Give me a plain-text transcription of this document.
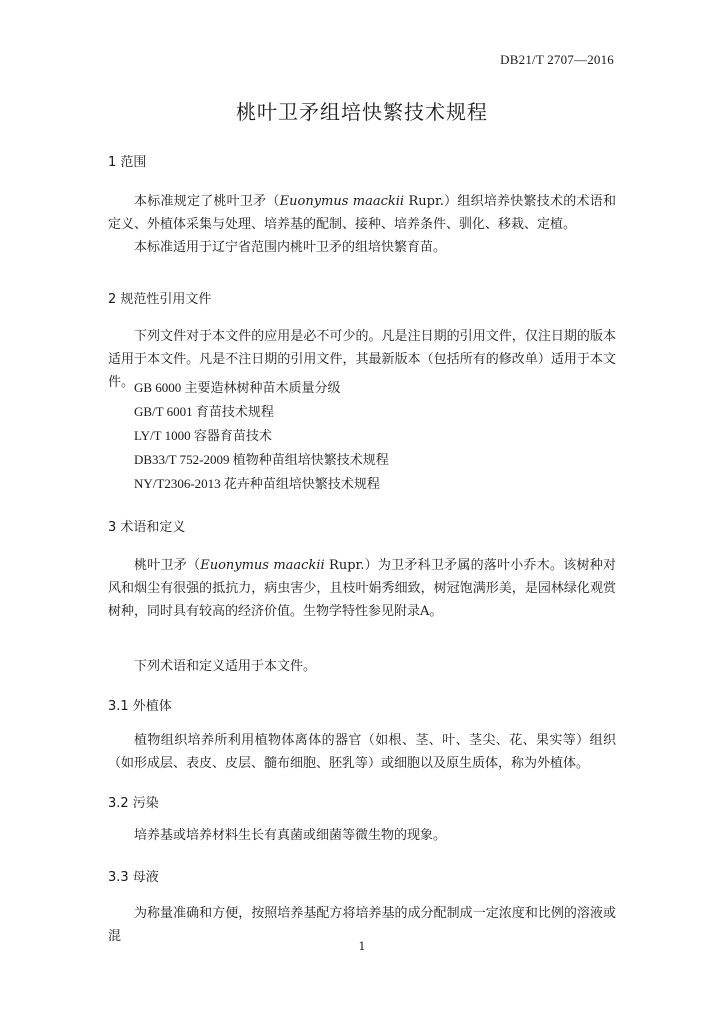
DB21/T 2707—2016
桃叶卫矛组培快繁技术规程
1 范围
本标准规定了桃叶卫矛（Euonymus maackii Rupr.）组织培养快繁技术的术语和定义、外植体采集与处理、培养基的配制、接种、培养条件、驯化、移栽、定植。
本标准适用于辽宁省范围内桃叶卫矛的组培快繁育苗。
2 规范性引用文件
下列文件对于本文件的应用是必不可少的。凡是注日期的引用文件，仅注日期的版本适用于本文件。凡是不注日期的引用文件，其最新版本（包括所有的修改单）适用于本文件。 GB 6000 主要造林树种苗木质量分级
GB/T 6001 育苗技术规程
LY/T 1000 容器育苗技术
DB33/T 752-2009 植物种苗组培快繁技术规程
NY/T2306-2013 花卉种苗组培快繁技术规程
3 术语和定义
桃叶卫矛（Euonymus maackii Rupr.）为卫矛科卫矛属的落叶小乔木。该树种对风和烟尘有很强的抵抗力，病虫害少，且枝叶娟秀细致，树冠饱满形美，是园林绿化观赏树种，同时具有较高的经济价值。生物学特性参见附录A。
下列术语和定义适用于本文件。
3.1 外植体
植物组织培养所利用植物体离体的器官（如根、茎、叶、茎尖、花、果实等）组织（如形成层、表皮、皮层、髓布细胞、胚乳等）或细胞以及原生质体，称为外植体。
3.2 污染
培养基或培养材料生长有真菌或细菌等微生物的现象。
3.3 母液
为称量准确和方便，按照培养基配方将培养基的成分配制成一定浓度和比例的溶液或混
1
